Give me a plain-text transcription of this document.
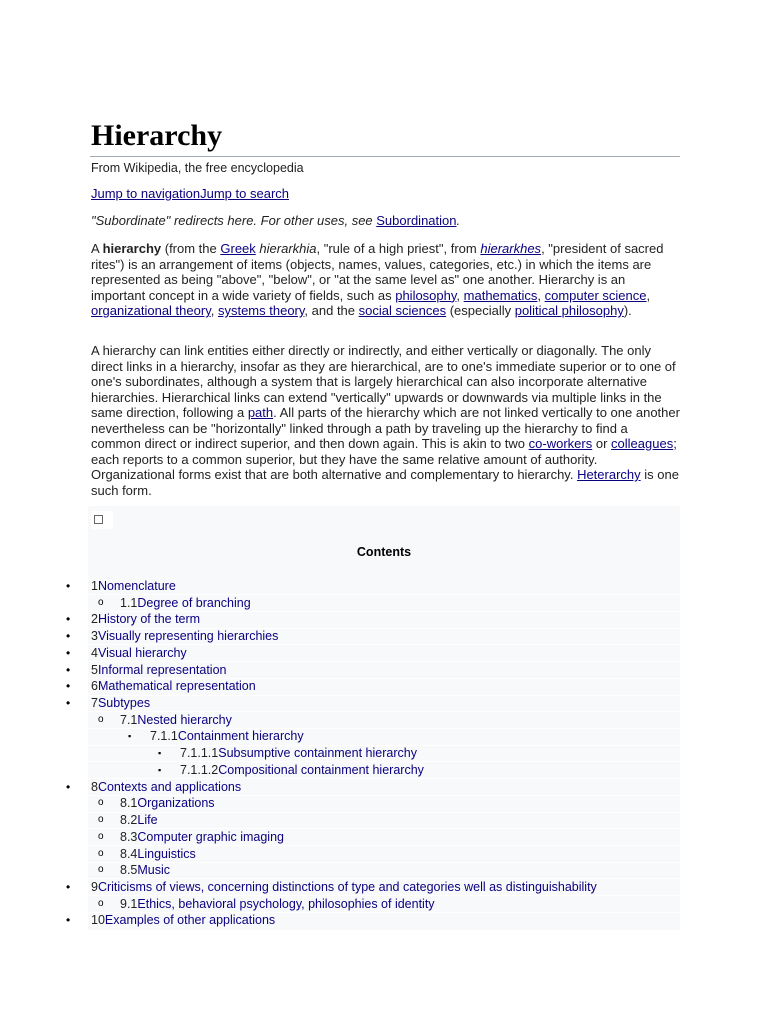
Hierarchy

From Wikipedia, the free encyclopedia

Jump to navigationJump to search

"Subordinate" redirects here. For other uses, see Subordination.

A hierarchy (from the Greek hierarkhia, "rule of a high priest", from hierarkhes, "president of sacred rites") is an arrangement of items (objects, names, values, categories, etc.) in which the items are represented as being "above", "below", or "at the same level as" one another. Hierarchy is an important concept in a wide variety of fields, such as philosophy, mathematics, computer science, organizational theory, systems theory, and the social sciences (especially political philosophy).

A hierarchy can link entities either directly or indirectly, and either vertically or diagonally. The only direct links in a hierarchy, insofar as they are hierarchical, are to one's immediate superior or to one of one's subordinates, although a system that is largely hierarchical can also incorporate alternative hierarchies. Hierarchical links can extend "vertically" upwards or downwards via multiple links in the same direction, following a path. All parts of the hierarchy which are not linked vertically to one another nevertheless can be "horizontally" linked through a path by traveling up the hierarchy to find a common direct or indirect superior, and then down again. This is akin to two co-workers or colleagues; each reports to a common superior, but they have the same relative amount of authority. Organizational forms exist that are both alternative and complementary to hierarchy. Heterarchy is one such form.

Contents

• 1Nomenclature
o 1.1Degree of branching
• 2History of the term
• 3Visually representing hierarchies
• 4Visual hierarchy
• 5Informal representation
• 6Mathematical representation
• 7Subtypes
o 7.1Nested hierarchy
▪ 7.1.1Containment hierarchy
▪ 7.1.1.1Subsumptive containment hierarchy
▪ 7.1.1.2Compositional containment hierarchy
• 8Contexts and applications
o 8.1Organizations
o 8.2Life
o 8.3Computer graphic imaging
o 8.4Linguistics
o 8.5Music
• 9Criticisms of views, concerning distinctions of type and categories well as distinguishability
o 9.1Ethics, behavioral psychology, philosophies of identity
• 10Examples of other applications
